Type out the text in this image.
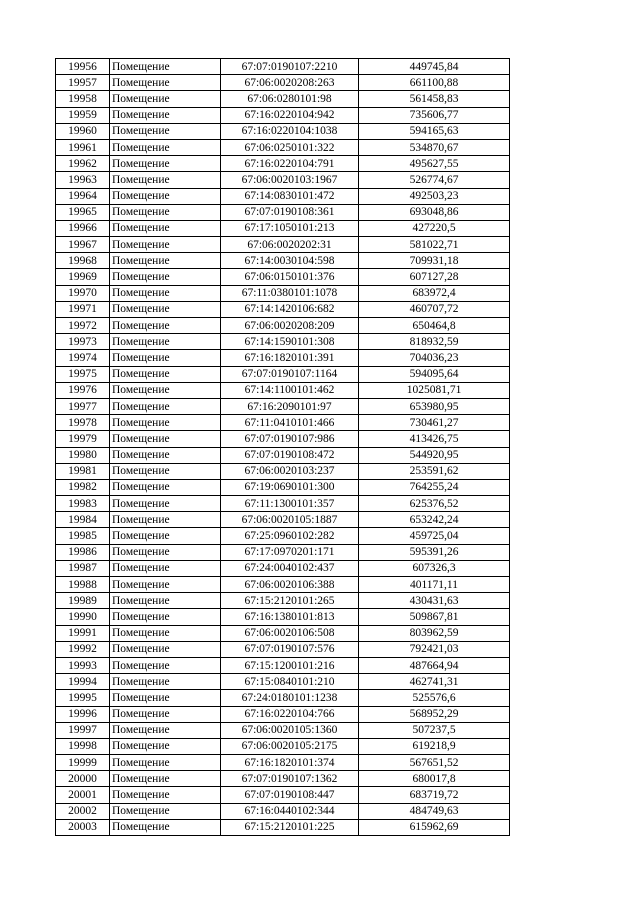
19956	Помещение	67:07:0190107:2210	449745,84
19957	Помещение	67:06:0020208:263	661100,88
19958	Помещение	67:06:0280101:98	561458,83
19959	Помещение	67:16:0220104:942	735606,77
19960	Помещение	67:16:0220104:1038	594165,63
19961	Помещение	67:06:0250101:322	534870,67
19962	Помещение	67:16:0220104:791	495627,55
19963	Помещение	67:06:0020103:1967	526774,67
19964	Помещение	67:14:0830101:472	492503,23
19965	Помещение	67:07:0190108:361	693048,86
19966	Помещение	67:17:1050101:213	427220,5
19967	Помещение	67:06:0020202:31	581022,71
19968	Помещение	67:14:0030104:598	709931,18
19969	Помещение	67:06:0150101:376	607127,28
19970	Помещение	67:11:0380101:1078	683972,4
19971	Помещение	67:14:1420106:682	460707,72
19972	Помещение	67:06:0020208:209	650464,8
19973	Помещение	67:14:1590101:308	818932,59
19974	Помещение	67:16:1820101:391	704036,23
19975	Помещение	67:07:0190107:1164	594095,64
19976	Помещение	67:14:1100101:462	1025081,71
19977	Помещение	67:16:2090101:97	653980,95
19978	Помещение	67:11:0410101:466	730461,27
19979	Помещение	67:07:0190107:986	413426,75
19980	Помещение	67:07:0190108:472	544920,95
19981	Помещение	67:06:0020103:237	253591,62
19982	Помещение	67:19:0690101:300	764255,24
19983	Помещение	67:11:1300101:357	625376,52
19984	Помещение	67:06:0020105:1887	653242,24
19985	Помещение	67:25:0960102:282	459725,04
19986	Помещение	67:17:0970201:171	595391,26
19987	Помещение	67:24:0040102:437	607326,3
19988	Помещение	67:06:0020106:388	401171,11
19989	Помещение	67:15:2120101:265	430431,63
19990	Помещение	67:16:1380101:813	509867,81
19991	Помещение	67:06:0020106:508	803962,59
19992	Помещение	67:07:0190107:576	792421,03
19993	Помещение	67:15:1200101:216	487664,94
19994	Помещение	67:15:0840101:210	462741,31
19995	Помещение	67:24:0180101:1238	525576,6
19996	Помещение	67:16:0220104:766	568952,29
19997	Помещение	67:06:0020105:1360	507237,5
19998	Помещение	67:06:0020105:2175	619218,9
19999	Помещение	67:16:1820101:374	567651,52
20000	Помещение	67:07:0190107:1362	680017,8
20001	Помещение	67:07:0190108:447	683719,72
20002	Помещение	67:16:0440102:344	484749,63
20003	Помещение	67:15:2120101:225	615962,69
